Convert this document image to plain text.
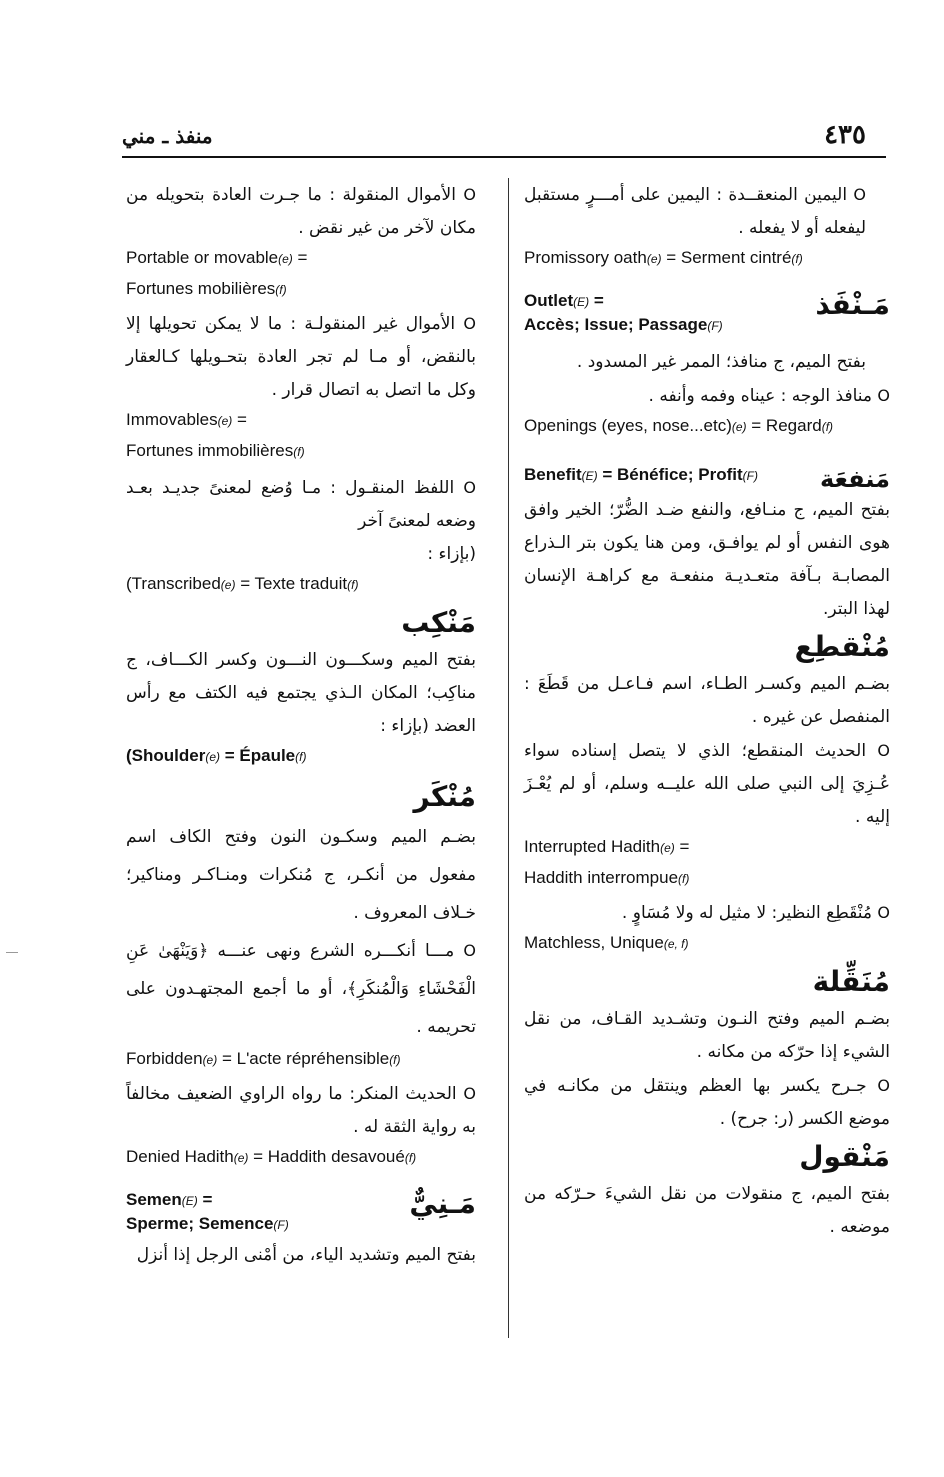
٤٣٥
منفذ ـ مني

O اليمين المنعقــدة : اليمين على أمـــرٍ مستقبل ليفعله أو لا يفعله .

Promissory oath(e) = Serment cintré(f)

مَـنْفَذ

Outlet(E) =

Accès; Issue; Passage(F)

بفتح الميم، ج منافذ؛ الممر غير المسدود .

O منافذ الوجه : عيناه وفمه وأنفه .

Openings (eyes, nose...etc)(e) = Regard(f)

مَنفعَة

Benefit(E) = Bénéfice; Profit(F)

بفتح الميم، ج منـافع، والنفع ضـد الضُّرّ؛ الخير وافق هوى النفس أو لم يوافـق، ومن هنا يكون بتر الـذراع المصابـة بـآفة متعـديـة منفعـة مع كراهـة الإنسان لهذا البتر.

مُنْقطِع

بضـم الميم وكسـر الطـاء، اسم فـاعـل من قَطَعَ : المنفصل عن غيره .

O الحديث المنقطع؛ الذي لا يتصل إسناده سواء عُـزِيَ إلى النبي صلى الله عليــه وسلم، أو لم يُعْـزَ إليه .

Interrupted Hadith(e) =

Haddith interrompue(f)

O مُنْقَطِع النظير: لا مثيل له ولا مُسَاوٍ .

Matchless, Unique(e, f)

مُنَقِّلة

بضـم الميم وفتح النـون وتشـديد القـاف، من نقل الشيء إذا حرّكه من مكانه .

O جـرح يكسر بها العظم وينتقل من مكانـه في موضع الكسر (ر: جرح) .

مَنْقول

بفتح الميم، ج منقولات من نقل الشيءَ حـرّكه من موضعه .

O الأموال المنقولة : ما جـرت العادة بتحويله من مكان لآخر من غير نقض .

Portable or movable(e) =

Fortunes mobilières(f)

O الأموال غير المنقولـة : ما لا يمكن تحويلها إلا بالنقض، أو مـا لم تجر العادة بتحـويلها كـالعقار وكل ما اتصل به اتصال قرار .

Immovables(e) =

Fortunes immobilières(f)

O اللفظ المنقـول : مـا وُضع لمعنىً جديـد بعـد وضعه لمعنىً آخر

(بإزاء :

(Transcribed(e) = Texte traduit(f)

مَنْكِب

بفتح الميم وسكـــون النـــون وكسر الكـــاف، ج مناكِب؛ المكان الـذي يجتمع فيه الكتف مع رأس العضد (بإزاء :

(Shoulder(e) = Épaule(f)

مُنْكَر

بضـم الميم وسكـون النون وفتح الكاف اسم مفعول من أنكـر، ج مُنكرات ومنـاكـر ومناكير؛ خـلاف المعروف .

O مـــا أنكـــره الشرع ونهى عنـــه ﴿وَيَنْهَىٰ عَنِ الْفَحْشَاءِ وَالْمُنكَرِ﴾، أو ما أجمع المجتهـدون على تحريمه .

Forbidden(e) = L'acte répréhensible(f)

O الحديث المنكر: ما رواه الراوي الضعيف مخالفاً به رواية الثقة له .

Denied Hadith(e) = Haddith desavoué(f)

مَـنِيٌّ

Semen(E) =

Sperme; Semence(F)

بفتح الميم وتشديد الياء، من أمْنى الرجل إذا أنزل
